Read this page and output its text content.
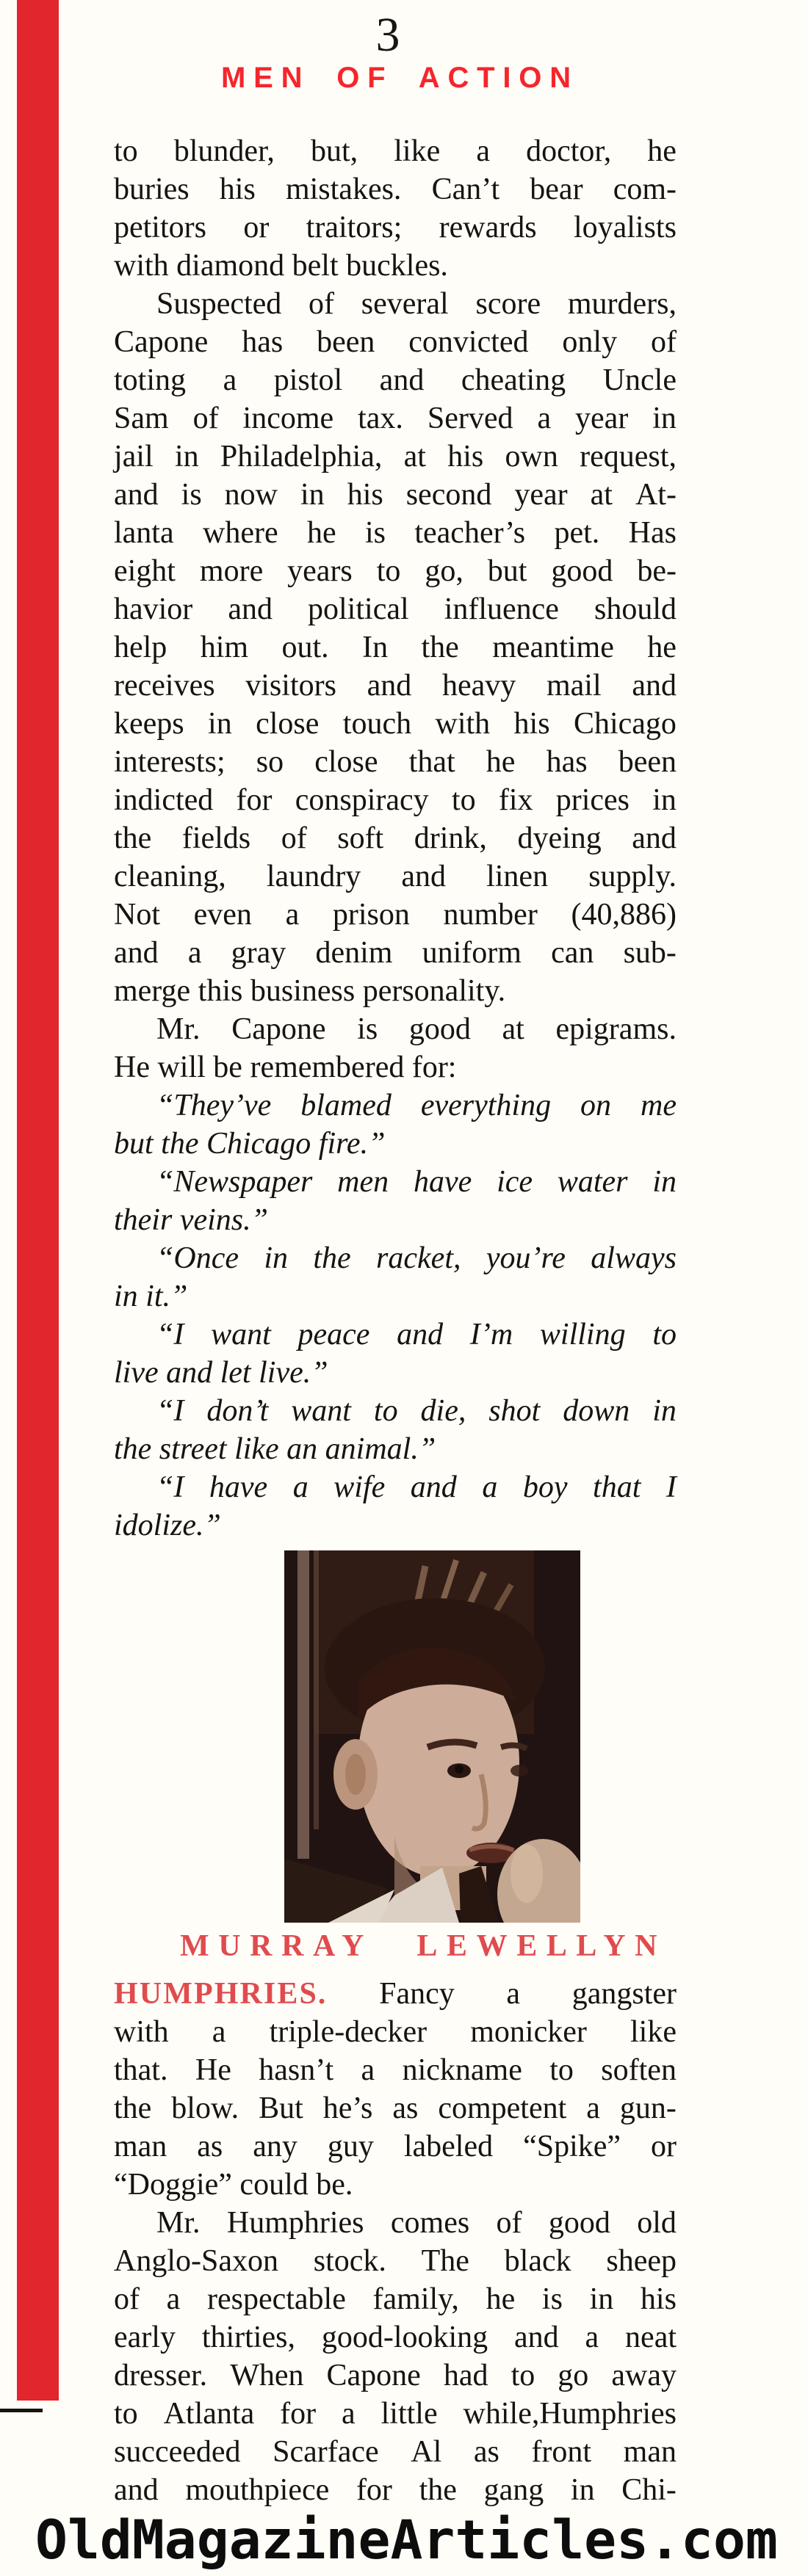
3
MEN OF ACTION
to blunder, but, like a doctor, he
buries his mistakes. Can’t bear com-
petitors or traitors; rewards loyalists
with diamond belt buckles.
Suspected of several score murders,
Capone has been convicted only of
toting a pistol and cheating Uncle
Sam of income tax. Served a year in
jail in Philadelphia, at his own request,
and is now in his second year at At-
lanta where he is teacher’s pet. Has
eight more years to go, but good be-
havior and political influence should
help him out. In the meantime he
receives visitors and heavy mail and
keeps in close touch with his Chicago
interests; so close that he has been
indicted for conspiracy to fix prices in
the fields of soft drink, dyeing and
cleaning, laundry and linen supply.
Not even a prison number (40,886)
and a gray denim uniform can sub-
merge this business personality.
Mr. Capone is good at epigrams.
He will be remembered for:
“They’ve blamed everything on me
but the Chicago fire.”
“Newspaper men have ice water in
their veins.”
“Once in the racket, you’re always
in it.”
“I want peace and I’m willing to
live and let live.”
“I don’t want to die, shot down in
the street like an animal.”
“I have a wife and a boy that I
idolize.”
MURRAY LEWELLYN
HUMPHRIES. Fancy a gangster
with a triple-decker monicker like
that. He hasn’t a nickname to soften
the blow. But he’s as competent a gun-
man as any guy labeled “Spike” or
“Doggie” could be.
Mr. Humphries comes of good old
Anglo-Saxon stock. The black sheep
of a respectable family, he is in his
early thirties, good-looking and a neat
dresser. When Capone had to go away
to Atlanta for a little while,Humphries
succeeded Scarface Al as front man
and mouthpiece for the gang in Chi-
OldMagazineArticles.com
